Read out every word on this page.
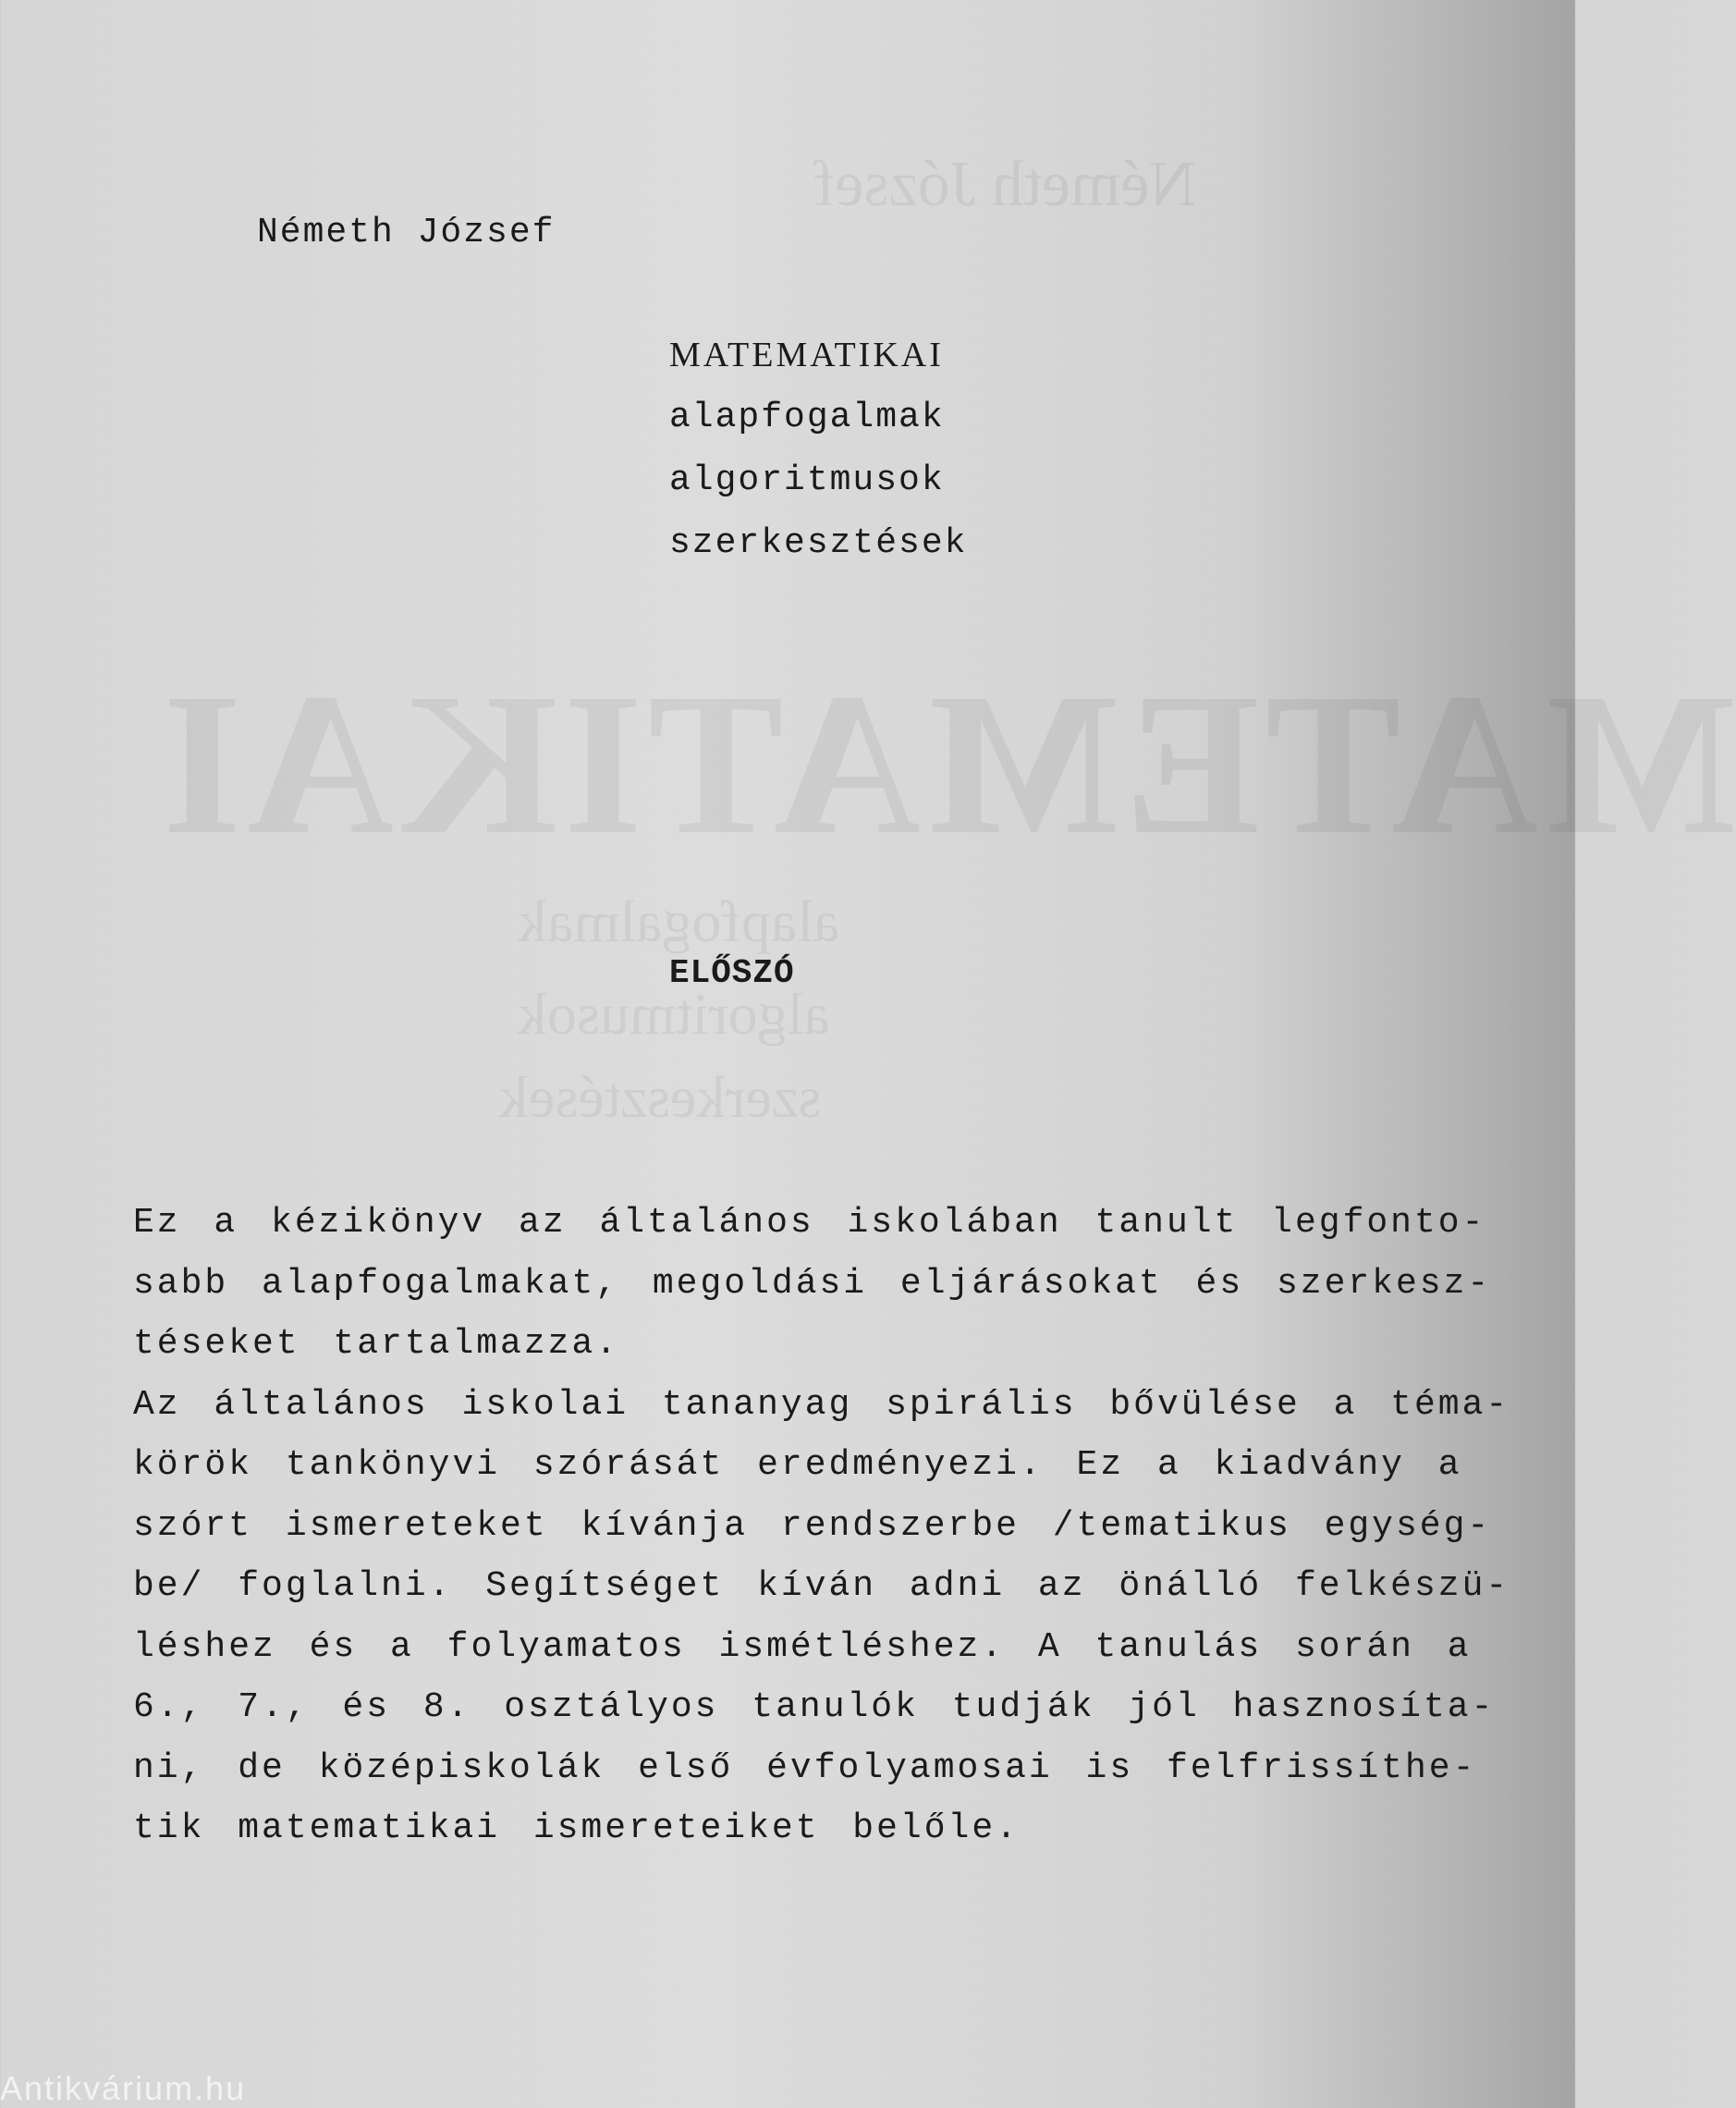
Németh József
MATEMATIKAI
alapfogalmak
algoritmusok
szerkesztések
Németh József
MATEMATIKAI
alapfogalmak
algoritmusok
szerkesztések
ELŐSZÓ
Ez a kézikönyv az általános iskolában tanult legfonto-
sabb alapfogalmakat, megoldási eljárásokat és szerkesz-
téseket tartalmazza.
Az általános iskolai tananyag spirális bővülése a téma-
körök tankönyvi szórását eredményezi. Ez a kiadvány a
szórt ismereteket kívánja rendszerbe /tematikus egység-
be/ foglalni. Segítséget kíván adni az önálló felkészü-
léshez és a folyamatos ismétléshez. A tanulás során a
6., 7., és 8. osztályos tanulók tudják jól hasznosíta-
ni, de középiskolák első évfolyamosai is felfrissíthe-
tik matematikai ismereteiket belőle.
Antikvárium.hu
